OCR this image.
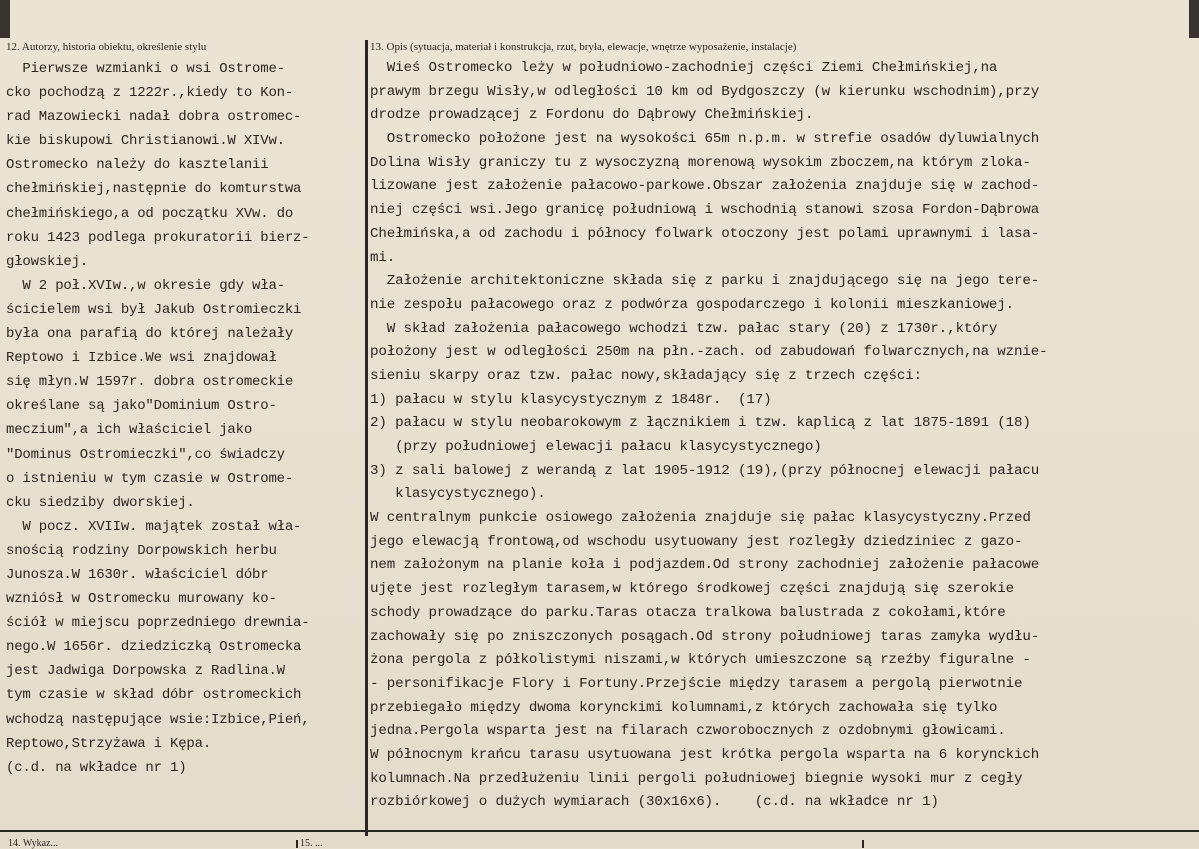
12. Autorzy, historia obiektu, określenie stylu
Pierwsze wzmianki o wsi Ostrome-
cko pochodzą z 1222r.,kiedy to Kon-
rad Mazowiecki nadał dobra ostromec-
kie biskupowi Christianowi.W XIVw.
Ostromecko należy do kasztelanii
chełmińskiej,następnie do komturstwa
chełmińskiego,a od początku XVw. do
roku 1423 podlega prokuratorii bierz-
głowskiej.
W 2 poł.XVIw.,w okresie gdy wła-
ścicielem wsi był Jakub Ostromieczki
była ona parafią do której należały
Reptowo i Izbice.We wsi znajdował
się młyn.W 1597r. dobra ostromeckie
określane są jako"Dominium Ostro-
meczium",a ich właściciel jako
"Dominus Ostromieczki",co świadczy
o istnieniu w tym czasie w Ostrome-
cku siedziby dworskiej.
W pocz. XVIIw. majątek został wła-
snością rodziny Dorpowskich herbu
Junosza.W 1630r. właściciel dóbr
wzniósł w Ostromecku murowany ko-
ściół w miejscu poprzedniego drewnia-
nego.W 1656r. dziedziczką Ostromecka
jest Jadwiga Dorpowska z Radlina.W
tym czasie w skład dóbr ostromeckich
wchodzą następujące wsie:Izbice,Pień,
Reptowo,Strzyżawa i Kępa.
(c.d. na wkładce nr 1)
13. Opis (sytuacja, materiał i konstrukcja, rzut, bryła, elewacje, wnętrze wyposażenie, instalacje)
Wieś Ostromecko leży w południowo-zachodniej części Ziemi Chełmińskiej,na
prawym brzegu Wisły,w odległości 10 km od Bydgoszczy (w kierunku wschodnim),przy
drodze prowadzącej z Fordonu do Dąbrowy Chełmińskiej.
Ostromecko położone jest na wysokości 65m n.p.m. w strefie osadów dyluwialnych
Dolina Wisły graniczy tu z wysoczyzną morenową wysokim zboczem,na którym zloka-
lizowane jest założenie pałacowo-parkowe.Obszar założenia znajduje się w zachod-
niej części wsi.Jego granicę południową i wschodnią stanowi szosa Fordon-Dąbrowa
Chełmińska,a od zachodu i północy folwark otoczony jest polami uprawnymi i lasa-
mi.
Założenie architektoniczne składa się z parku i znajdującego się na jego tere-
nie zespołu pałacowego oraz z podwórza gospodarczego i kolonii mieszkaniowej.
W skład założenia pałacowego wchodzi tzw. pałac stary (20) z 1730r.,który
położony jest w odległości 250m na płn.-zach. od zabudowań folwarcznych,na wznie-
sieniu skarpy oraz tzw. pałac nowy,składający się z trzech części:
1) pałacu w stylu klasycystycznym z 1848r.  (17)
2) pałacu w stylu neobarokowym z łącznikiem i tzw. kaplicą z lat 1875-1891 (18)
(przy południowej elewacji pałacu klasycystycznego)
3) z sali balowej z werandą z lat 1905-1912 (19),(przy północnej elewacji pałacu
klasycystycznego).
W centralnym punkcie osiowego założenia znajduje się pałac klasycystyczny.Przed
jego elewacją frontową,od wschodu usytuowany jest rozległy dziedziniec z gazo-
nem założonym na planie koła i podjazdem.Od strony zachodniej założenie pałacowe
ujęte jest rozległym tarasem,w którego środkowej części znajdują się szerokie
schody prowadzące do parku.Taras otacza tralkowa balustrada z cokołami,które
zachowały się po zniszczonych posągach.Od strony południowej taras zamyka wydłu-
żona pergola z półkolistymi niszami,w których umieszczone są rzeźby figuralne -
- personifikacje Flory i Fortuny.Przejście między tarasem a pergolą pierwotnie
przebiegało między dwoma korynckimi kolumnami,z których zachowała się tylko
jedna.Pergola wsparta jest na filarach czworobocznych z ozdobnymi głowicami.
W północnym krańcu tarasu usytuowana jest krótka pergola wsparta na 6 korynckich
kolumnach.Na przedłużeniu linii pergoli południowej biegnie wysoki mur z cegły
rozbiórkowej o dużych wymiarach (30x16x6).    (c.d. na wkładce nr 1)
14. Wykaz...	15. ...
